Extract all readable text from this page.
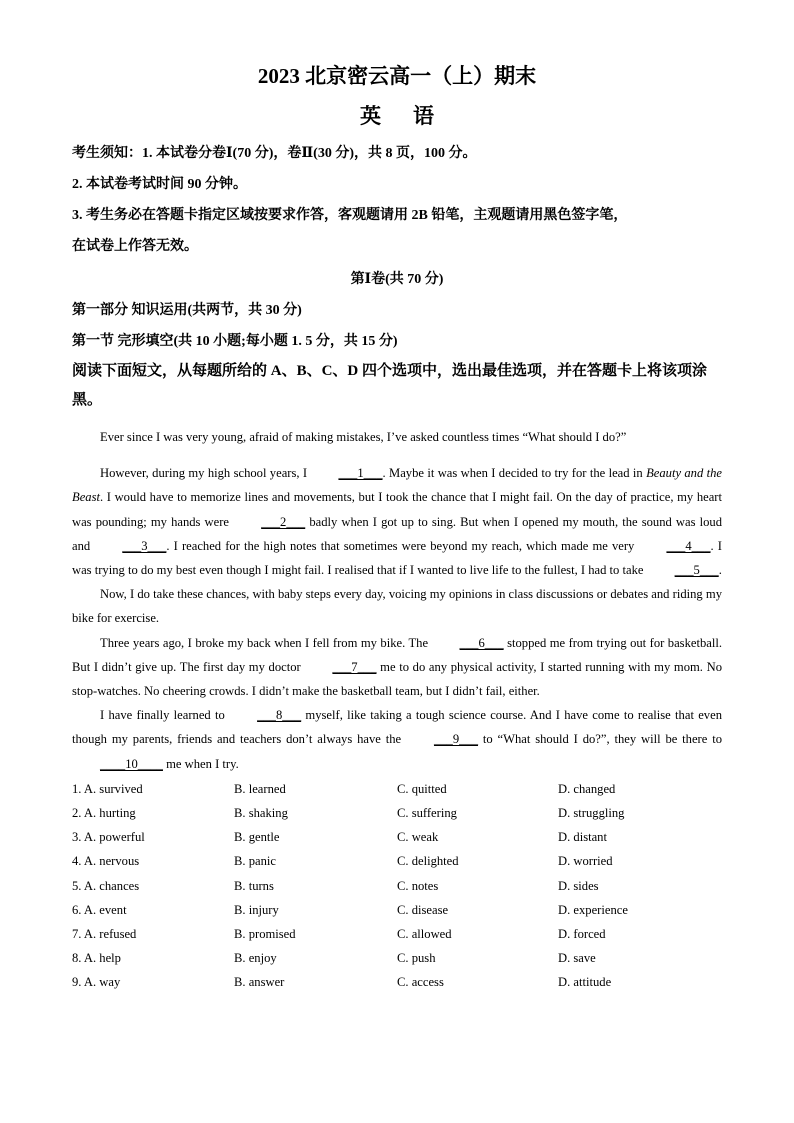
2023 北京密云高一（上）期末
英 语

考生须知：1. 本试卷分卷Ⅰ(70 分)，卷Ⅱ(30 分)，共 8 页，100 分。

2. 本试卷考试时间 90 分钟。

3. 考生务必在答题卡指定区域按要求作答，客观题请用 2B 铅笔，主观题请用黑色签字笔，

在试卷上作答无效。

第Ⅰ卷(共 70 分)
第一部分 知识运用(共两节，共 30 分)
第一节 完形填空(共 10 小题;每小题 1. 5 分，共 15 分)

阅读下面短文，从每题所给的 A、B、C、D 四个选项中，选出最佳选项，并在答题卡上将该项涂黑。

Ever since I was very young, afraid of making mistakes, I’ve asked countless times “What should I do?”

However, during my high school years, I ___1___. Maybe it was when I decided to try for the lead in Beauty and the Beast. I would have to memorize lines and movements, but I took the chance that I might fail. On the day of practice, my heart was pounding; my hands were ___2___ badly when I got up to sing. But when I opened my mouth, the sound was loud and ___3___. I reached for the high notes that sometimes were beyond my reach, which made me very ___4___. I was trying to do my best even though I might fail. I realised that if I wanted to live life to the fullest, I had to take ___5___.

Now, I do take these chances, with baby steps every day, voicing my opinions in class discussions or debates and riding my bike for exercise.

Three years ago, I broke my back when I fell from my bike. The ___6___ stopped me from trying out for basketball. But I didn’t give up. The first day my doctor ___7___ me to do any physical activity, I started running with my mom. No stop-watches. No cheering crowds. I didn’t make the basketball team, but I didn’t fail, either.

I have finally learned to ___8___ myself, like taking a tough science course. And I have come to realise that even though my parents, friends and teachers don’t always have the ___9___ to “What should I do?”, they will be there to ____10____ me when I try.

1. A. survived	B. learned	C. quitted	D. changed
2. A. hurting	B. shaking	C. suffering	D. struggling
3. A. powerful	B. gentle	C. weak	D. distant
4. A. nervous	B. panic	C. delighted	D. worried
5. A. chances	B. turns	C. notes	D. sides
6. A. event	B. injury	C. disease	D. experience
7. A. refused	B. promised	C. allowed	D. forced
8. A. help	B. enjoy	C. push	D. save
9. A. way	B. answer	C. access	D. attitude
